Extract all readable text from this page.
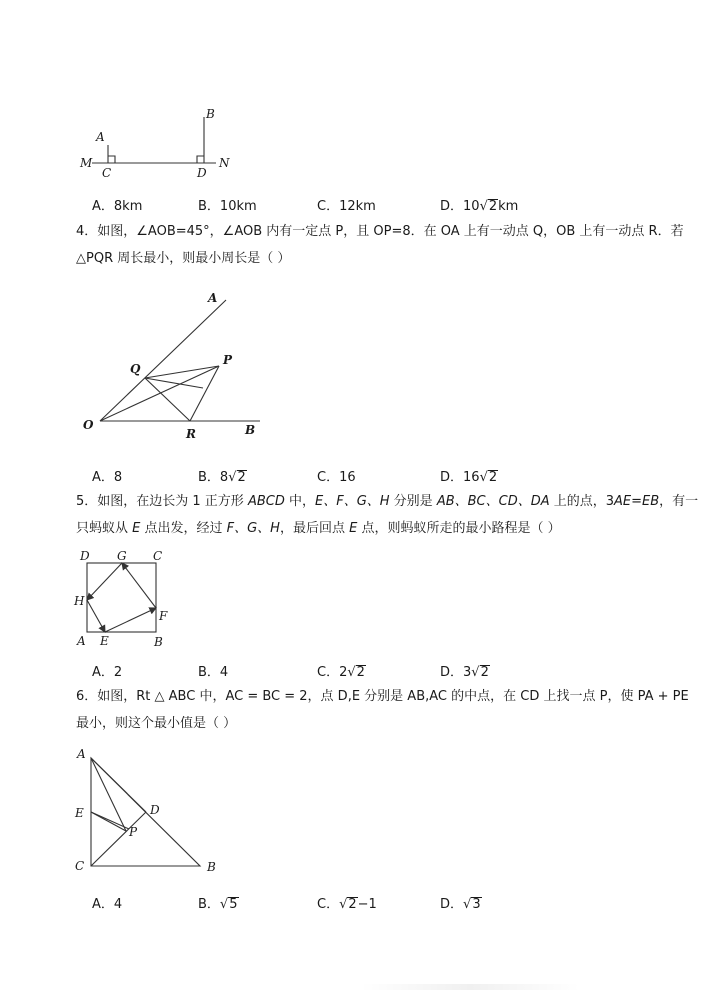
A
B
M
C	D
N
A．8km	B．10km	C．12km	D．10√2km
4．如图，∠AOB=45°，∠AOB 内有一定点 P，且 OP=8．在 OA 上有一动点 Q，OB 上有一动点 R．若
△PQR 周长最小，则最小周长是（ ）
A
P
Q
O
R	B
A．8	B．8√2	C．16	D．16√2
5．如图，在边长为 1 正方形 ABCD 中，E、F、G、H 分别是 AB、BC、CD、DA 上的点，3AE=EB，有一
只蚂蚁从 E 点出发，经过 F、G、H，最后回点 E 点，则蚂蚁所走的最小路程是（ ）
D G C
H
F
A E	B
A．2	B．4	C．2√2	D．3√2
6．如图，Rt △ ABC 中，AC = BC = 2，点 D,E 分别是 AB,AC 的中点，在 CD 上找一点 P，使 PA + PE
最小，则这个最小值是（ ）
A
E	D
P
C	B
A．4	B．√5	C．√2−1	D．√3
